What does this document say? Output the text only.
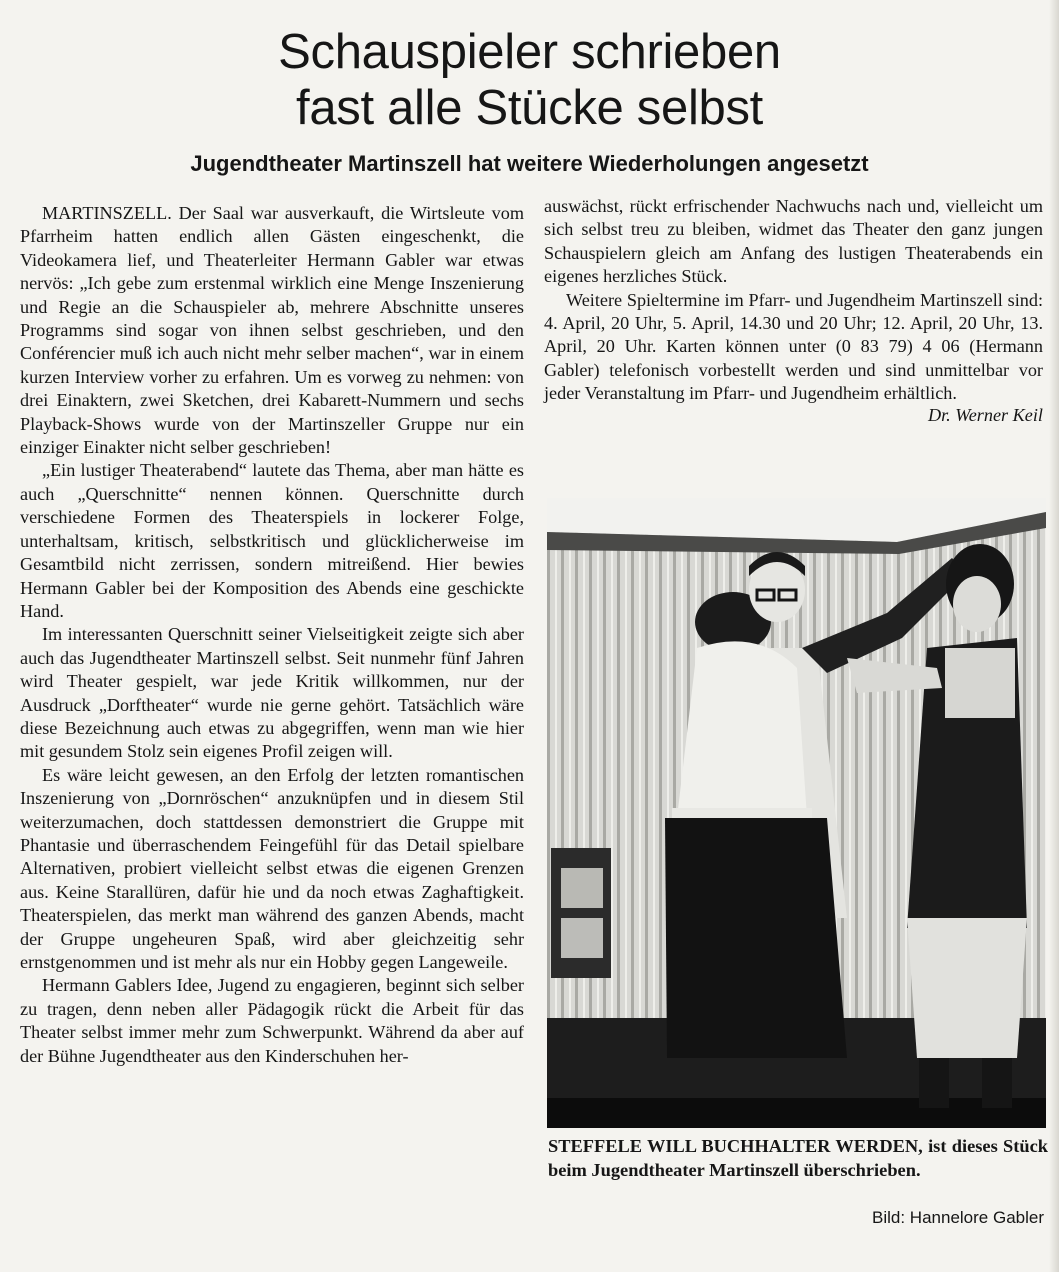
Schauspieler schrieben
fast alle Stücke selbst
Jugendtheater Martinszell hat weitere Wiederholungen angesetzt

MARTINSZELL. Der Saal war ausverkauft, die Wirtsleute vom Pfarrheim hatten endlich allen Gästen eingeschenkt, die Videokamera lief, und Theaterleiter Hermann Gabler war etwas nervös: „Ich gebe zum erstenmal wirklich eine Menge Inszenierung und Regie an die Schauspieler ab, mehrere Abschnitte unseres Programms sind sogar von ihnen selbst geschrieben, und den Conférencier muß ich auch nicht mehr selber machen“, war in einem kurzen Interview vorher zu erfahren. Um es vorweg zu nehmen: von drei Einaktern, zwei Sketchen, drei Kabarett-Nummern und sechs Playback-Shows wurde von der Martinszeller Gruppe nur ein einziger Einakter nicht selber geschrieben!

„Ein lustiger Theaterabend“ lautete das Thema, aber man hätte es auch „Querschnitte“ nennen können. Querschnitte durch verschiedene Formen des Theaterspiels in lockerer Folge, unterhaltsam, kritisch, selbstkritisch und glücklicherweise im Gesamtbild nicht zerrissen, sondern mitreißend. Hier bewies Hermann Gabler bei der Komposition des Abends eine geschickte Hand.

Im interessanten Querschnitt seiner Vielseitigkeit zeigte sich aber auch das Jugendtheater Martinszell selbst. Seit nunmehr fünf Jahren wird Theater gespielt, war jede Kritik willkommen, nur der Ausdruck „Dorftheater“ wurde nie gerne gehört. Tatsächlich wäre diese Bezeichnung auch etwas zu abgegriffen, wenn man wie hier mit gesundem Stolz sein eigenes Profil zeigen will.

Es wäre leicht gewesen, an den Erfolg der letzten romantischen Inszenierung von „Dornröschen“ anzuknüpfen und in diesem Stil weiterzumachen, doch stattdessen demonstriert die Gruppe mit Phantasie und überraschendem Feingefühl für das Detail spielbare Alternativen, probiert vielleicht selbst etwas die eigenen Grenzen aus. Keine Starallüren, dafür hie und da noch etwas Zaghaftigkeit. Theaterspielen, das merkt man während des ganzen Abends, macht der Gruppe ungeheuren Spaß, wird aber gleichzeitig sehr ernstgenommen und ist mehr als nur ein Hobby gegen Langeweile.

Hermann Gablers Idee, Jugend zu engagieren, beginnt sich selber zu tragen, denn neben aller Pädagogik rückt die Arbeit für das Theater selbst immer mehr zum Schwerpunkt. Während da aber auf der Bühne Jugendtheater aus den Kinderschuhen her-

auswächst, rückt erfrischender Nachwuchs nach und, vielleicht um sich selbst treu zu bleiben, widmet das Theater den ganz jungen Schauspielern gleich am Anfang des lustigen Theaterabends ein eigenes herzliches Stück.

Weitere Spieltermine im Pfarr- und Jugendheim Martinszell sind: 4. April, 20 Uhr, 5. April, 14.30 und 20 Uhr; 12. April, 20 Uhr, 13. April, 20 Uhr. Karten können unter (0 83 79) 4 06 (Hermann Gabler) telefonisch vorbestellt werden und sind unmittelbar vor jeder Veranstaltung im Pfarr- und Jugendheim erhältlich.

Dr. Werner Keil
STEFFELE WILL BUCHHALTER WERDEN, ist dieses Stück beim Jugendtheater Martinszell überschrieben.
Bild: Hannelore Gabler
